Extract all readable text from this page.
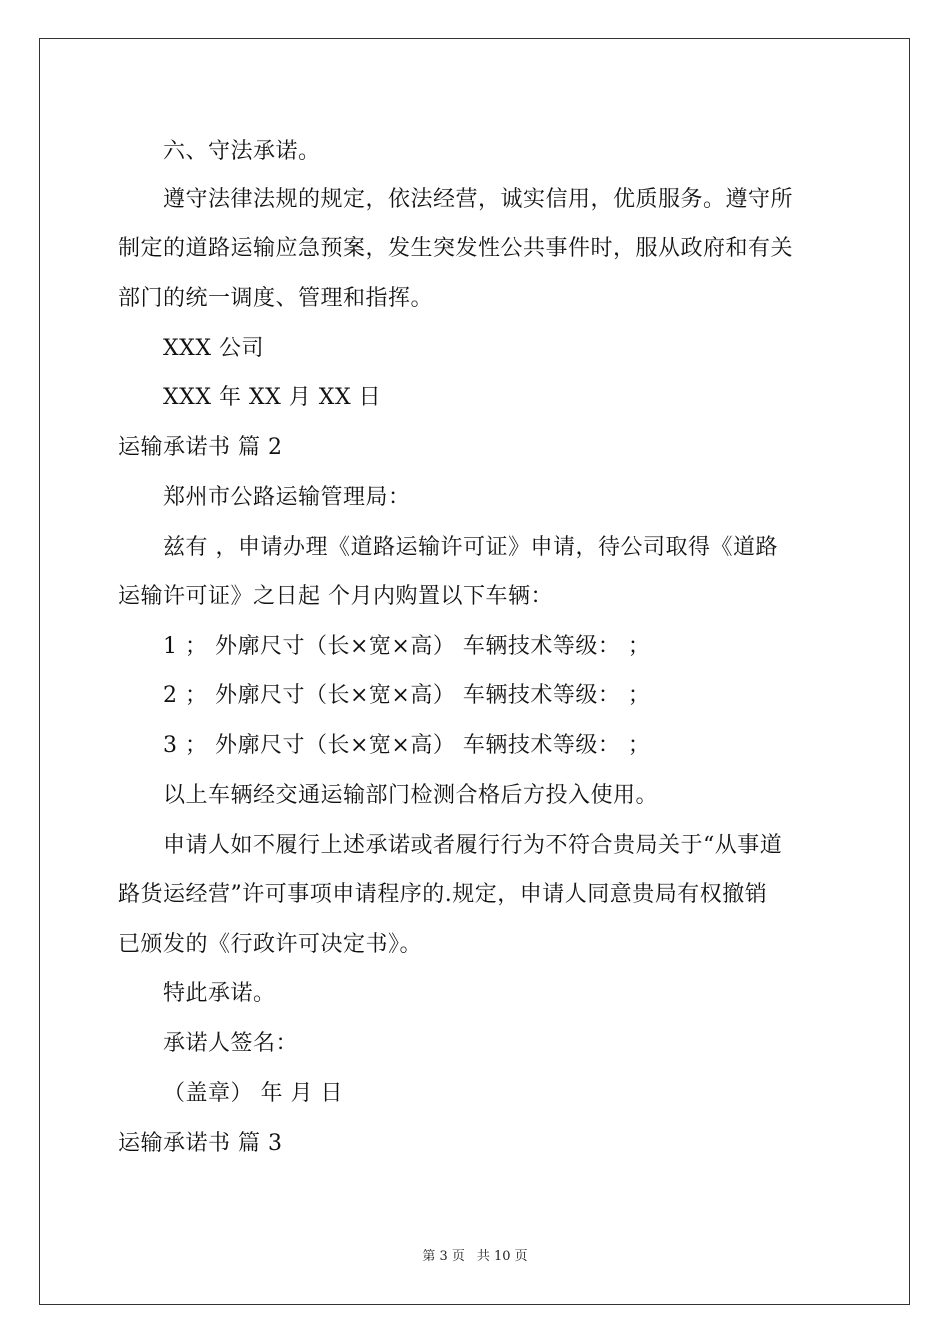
六、守法承诺。
遵守法律法规的规定，依法经营，诚实信用，优质服务。遵守所
制定的道路运输应急预案，发生突发性公共事件时，服从政府和有关
部门的统一调度、管理和指挥。
XXX 公司
XXX 年 XX 月 XX 日
运输承诺书 篇 2
郑州市公路运输管理局：
兹有 ，申请办理《道路运输许可证》申请，待公司取得《道路
运输许可证》之日起 个月内购置以下车辆：
1 ； 外廓尺寸（长×宽×高） 车辆技术等级： ；
2 ； 外廓尺寸（长×宽×高） 车辆技术等级： ；
3 ； 外廓尺寸（长×宽×高） 车辆技术等级： ；
以上车辆经交通运输部门检测合格后方投入使用。
申请人如不履行上述承诺或者履行行为不符合贵局关于“从事道
路货运经营”许可事项申请程序的.规定，申请人同意贵局有权撤销
已颁发的《行政许可决定书》。
特此承诺。
承诺人签名：
（盖章） 年 月 日
运输承诺书 篇 3
第 3 页 共 10 页
